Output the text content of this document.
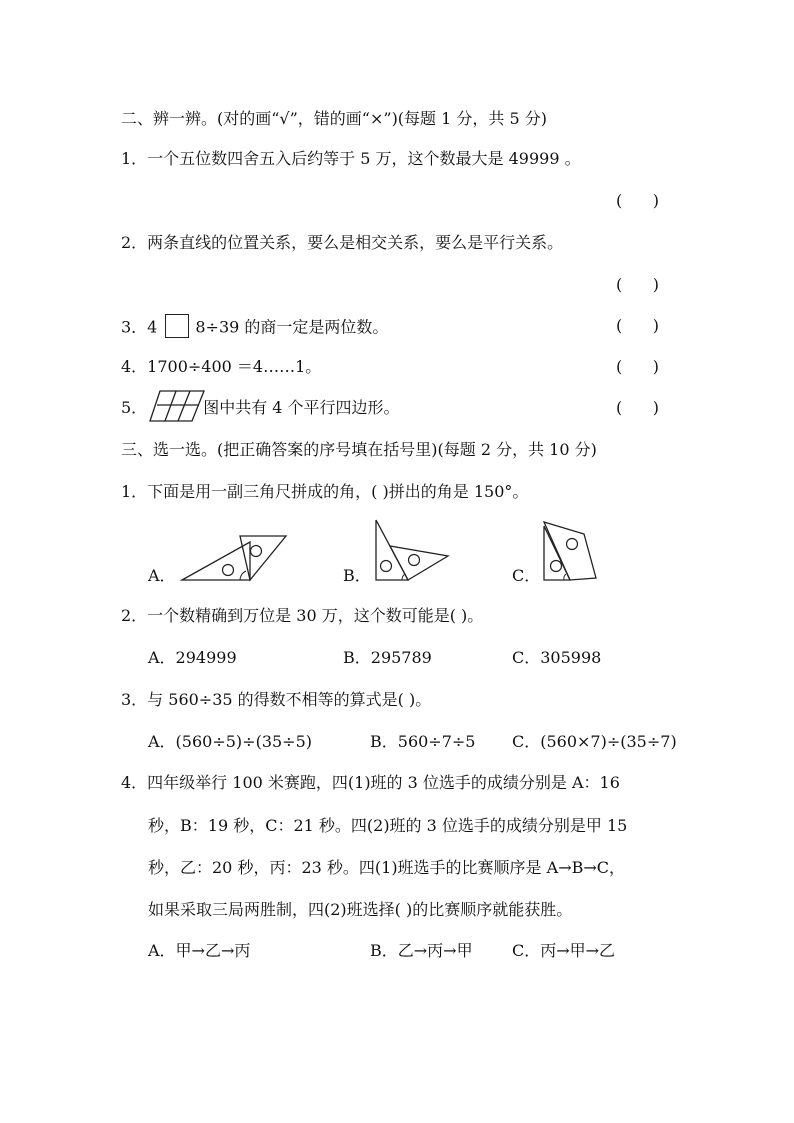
二、辨一辨。(对的画“√”，错的画“×”)(每题 1 分，共 5 分)
1．一个五位数四舍五入后约等于 5 万，这个数最大是 49999 。
(      )
2．两条直线的位置关系，要么是相交关系，要么是平行关系。
(      )
3．4 8÷39 的商一定是两位数。	(      )
4．1700÷400 ＝4……1。	(      )
5．	图中共有 4 个平行四边形。	(      )
三、选一选。(把正确答案的序号填在括号里)(每题 2 分，共 10 分)
1．下面是用一副三角尺拼成的角，( )拼出的角是 150°。
A．	B．	C．
2．一个数精确到万位是 30 万，这个数可能是( )。
A．294999	B．295789	C．305998
3．与 560÷35 的得数不相等的算式是( )。
A．(560÷5)÷(35÷5)	B．560÷7÷5 C．(560×7)÷(35÷7)
4．四年级举行 100 米赛跑，四(1)班的 3 位选手的成绩分别是 A：16
秒，B：19 秒，C：21 秒。四(2)班的 3 位选手的成绩分别是甲 15
秒，乙：20 秒，丙：23 秒。四(1)班选手的比赛顺序是 A→B→C，
如果采取三局两胜制，四(2)班选择( )的比赛顺序就能获胜。
A．甲→乙→丙	B．乙→丙→甲 C．丙→甲→乙
